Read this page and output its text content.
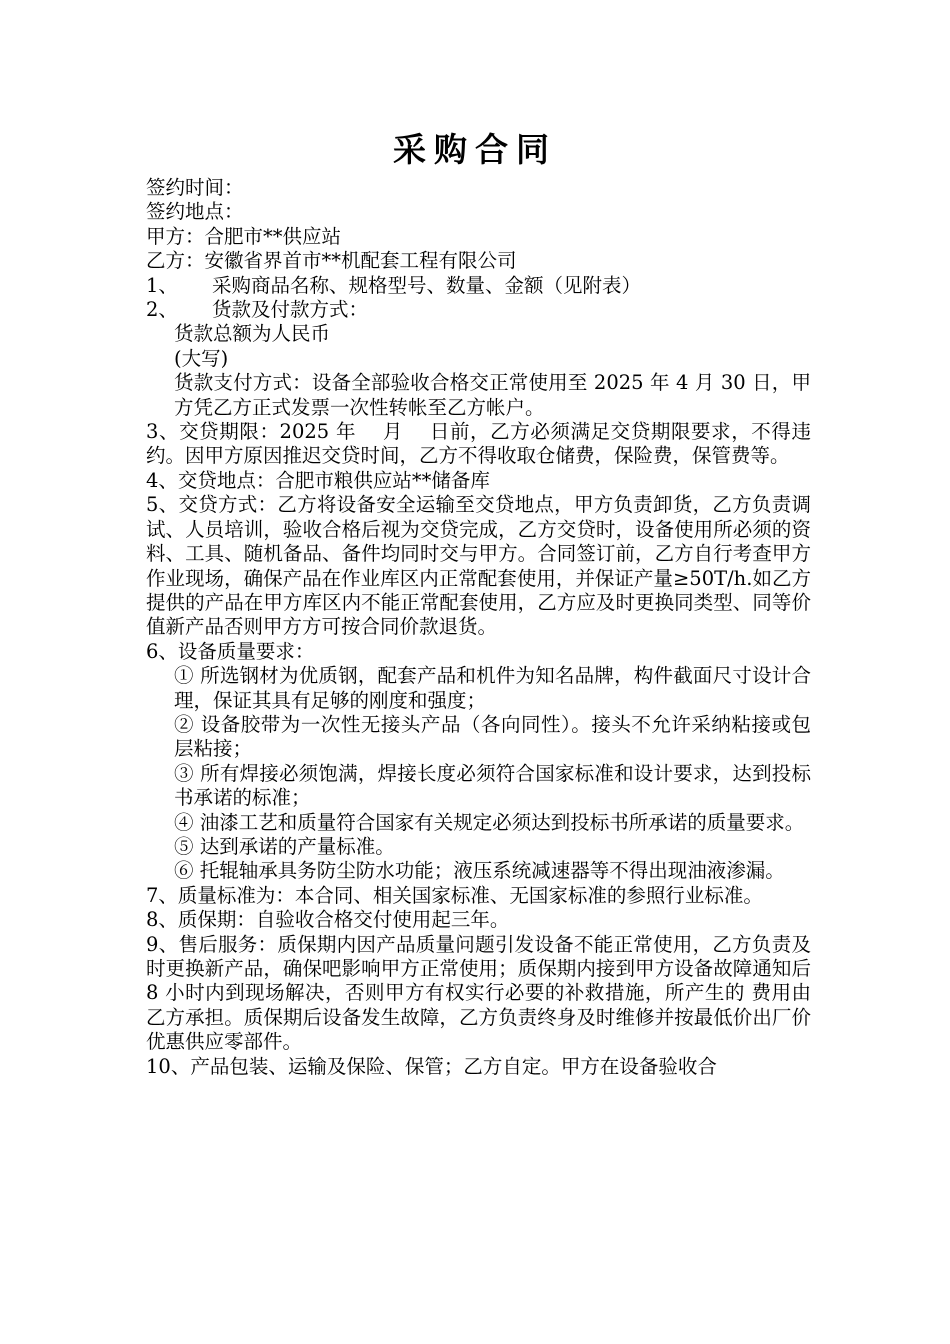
采购合同

签约时间：

签约地点：

甲方：合肥市**供应站

乙方：安徽省界首市**机配套工程有限公司

1、 采购商品名称、规格型号、数量、金额（见附表）

2、 货款及付款方式：

货款总额为人民币

(大写)

货款支付方式：设备全部验收合格交正常使用至 2025 年 4 月 30 日，甲方凭乙方正式发票一次性转帐至乙方帐户。

3、交贷期限：2025 年　 月　 日前，乙方必须满足交贷期限要求，不得违约。因甲方原因推迟交贷时间，乙方不得收取仓储费，保险费，保管费等。

4、交贷地点：合肥市粮供应站**储备库

5、交贷方式：乙方将设备安全运输至交贷地点，甲方负责卸货，乙方负责调试、人员培训，验收合格后视为交贷完成，乙方交贷时，设备使用所必须的资料、工具、随机备品、备件均同时交与甲方。合同签订前，乙方自行考查甲方作业现场，确保产品在作业库区内正常配套使用，并保证产量≥50T/h.如乙方提供的产品在甲方库区内不能正常配套使用，乙方应及时更换同类型、同等价值新产品否则甲方方可按合同价款退货。

6、设备质量要求：

① 所选钢材为优质钢，配套产品和机件为知名品牌，构件截面尺寸设计合理，保证其具有足够的刚度和强度；

② 设备胶带为一次性无接头产品（各向同性）。接头不允许采纳粘接或包层粘接；

③ 所有焊接必须饱满，焊接长度必须符合国家标准和设计要求，达到投标书承诺的标准；

④ 油漆工艺和质量符合国家有关规定必须达到投标书所承诺的质量要求。

⑤ 达到承诺的产量标准。

⑥ 托辊轴承具务防尘防水功能；液压系统减速器等不得出现油液渗漏。

7、质量标准为：本合同、相关国家标准、无国家标准的参照行业标准。

8、质保期：自验收合格交付使用起三年。

9、售后服务：质保期内因产品质量问题引发设备不能正常使用，乙方负责及时更换新产品，确保吧影响甲方正常使用；质保期内接到甲方设备故障通知后 8 小时内到现场解决，否则甲方有权实行必要的补救措施，所产生的 费用由乙方承担。质保期后设备发生故障，乙方负责终身及时维修并按最低价出厂价优惠供应零部件。

10、产品包装、运输及保险、保管；乙方自定。甲方在设备验收合
